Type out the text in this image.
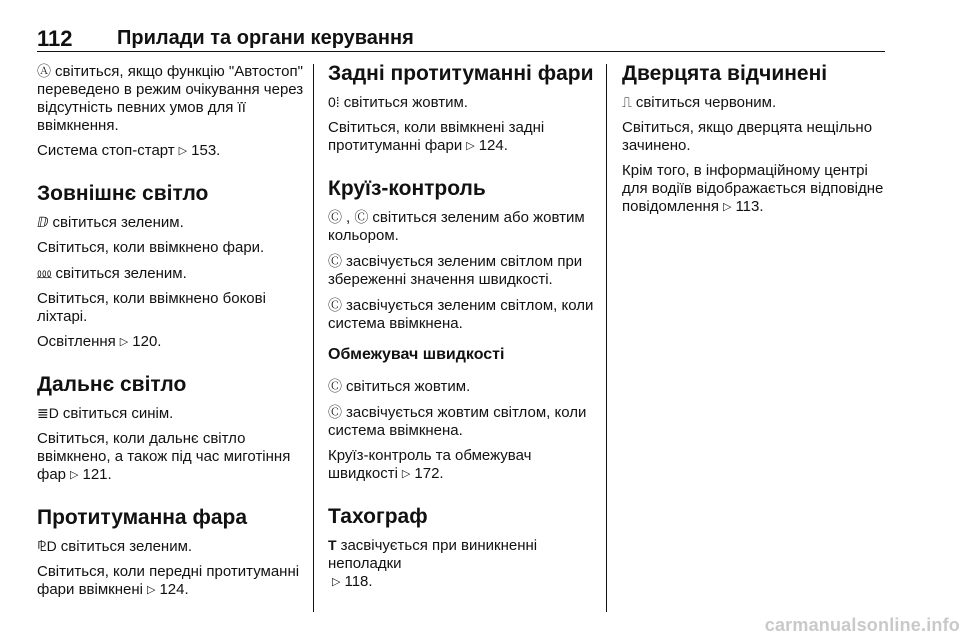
112 Прилади та органи керування

Ⓐ світиться, якщо функцію "Автостоп" переведено в режим очікування через відсутність певних умов для її ввімкнення.

Система стоп-старт ▷ 153.

Зовнішнє світло

ⅅ світиться зеленим.

Світиться, коли ввімкнено фари.

⅏ світиться зеленим.

Світиться, коли ввімкнено бокові ліхтарі.

Освітлення ▷ 120.

Дальнє світло

≣D світиться синім.

Світиться, коли дальнє світло ввімкнено, а також під час миготіння фар ▷ 121.

Протитуманна фара

⅊D світиться зеленим.

Світиться, коли передні протитуманні фари ввімкнені ▷ 124.

Задні протитуманні фари

0⁞ світиться жовтим.

Світиться, коли ввімкнені задні протитуманні фари ▷ 124.

Круїз-контроль

Ⓒ , Ⓒ світиться зеленим або жовтим кольором.

Ⓒ засвічується зеленим світлом при збереженні значення швидкості.

Ⓒ засвічується зеленим світлом, коли система ввімкнена.

Обмежувач швидкості

Ⓒ світиться жовтим.

Ⓒ засвічується жовтим світлом, коли система ввімкнена.

Круїз-контроль та обмежувач швидкості ▷ 172.

Тахограф

T засвічується при виникненні неполадки
▷ 118.

Дверцята відчинені

⎍ світиться червоним.

Світиться, якщо дверцята нещільно зачинено.

Крім того, в інформаційному центрі для водіїв відображається відповідне повідомлення ▷ 113.

carmanualsonline.info
